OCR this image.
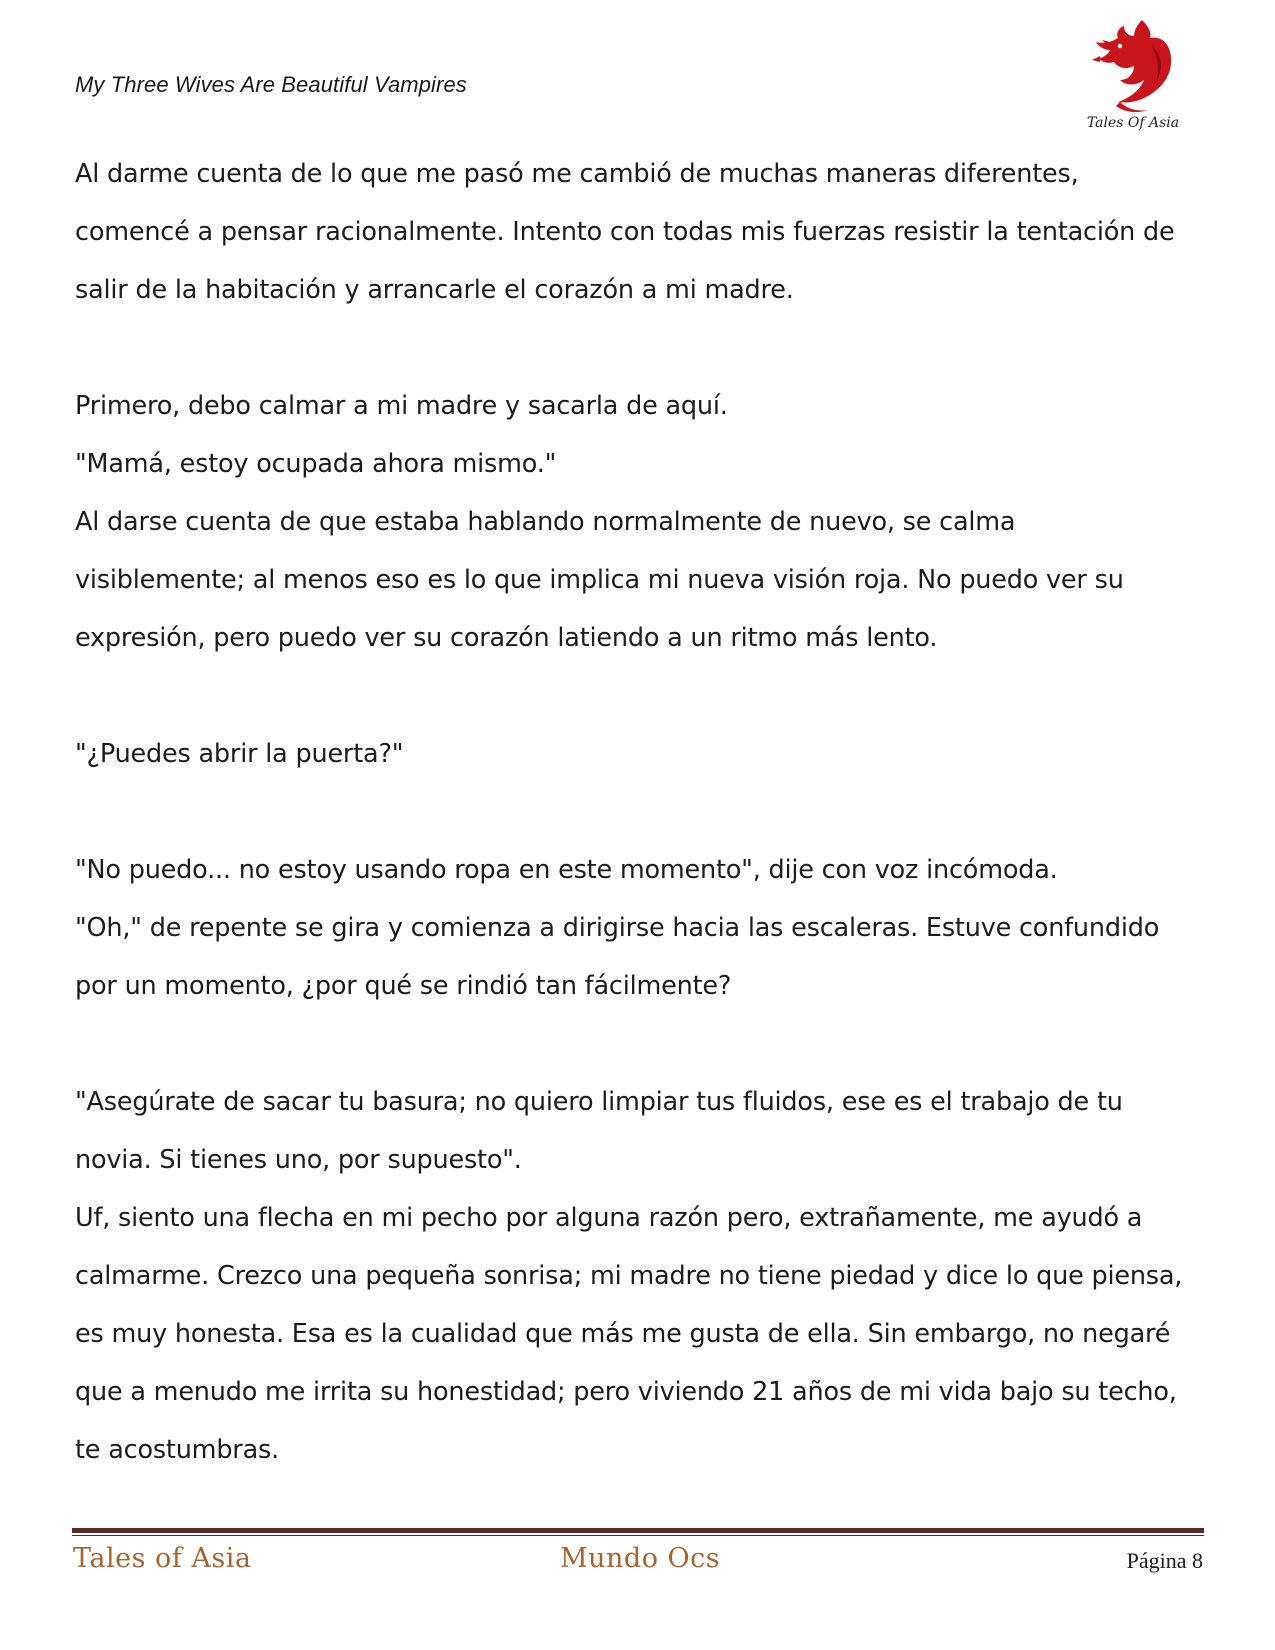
My Three Wives Are Beautiful Vampires
Tales Of Asia

Al darme cuenta de lo que me pasó me cambió de muchas maneras diferentes,
comencé a pensar racionalmente. Intento con todas mis fuerzas resistir la tentación de
salir de la habitación y arrancarle el corazón a mi madre.

Primero, debo calmar a mi madre y sacarla de aquí.

"Mamá, estoy ocupada ahora mismo."

Al darse cuenta de que estaba hablando normalmente de nuevo, se calma
visiblemente; al menos eso es lo que implica mi nueva visión roja. No puedo ver su
expresión, pero puedo ver su corazón latiendo a un ritmo más lento.

"¿Puedes abrir la puerta?"

"No puedo... no estoy usando ropa en este momento", dije con voz incómoda.

"Oh," de repente se gira y comienza a dirigirse hacia las escaleras. Estuve confundido
por un momento, ¿por qué se rindió tan fácilmente?

"Asegúrate de sacar tu basura; no quiero limpiar tus fluidos, ese es el trabajo de tu
novia. Si tienes uno, por supuesto".

Uf, siento una flecha en mi pecho por alguna razón pero, extrañamente, me ayudó a
calmarme. Crezco una pequeña sonrisa; mi madre no tiene piedad y dice lo que piensa,
es muy honesta. Esa es la cualidad que más me gusta de ella. Sin embargo, no negaré
que a menudo me irrita su honestidad; pero viviendo 21 años de mi vida bajo su techo,
te acostumbras.

Tales of Asia	Mundo Ocs	Página 8
